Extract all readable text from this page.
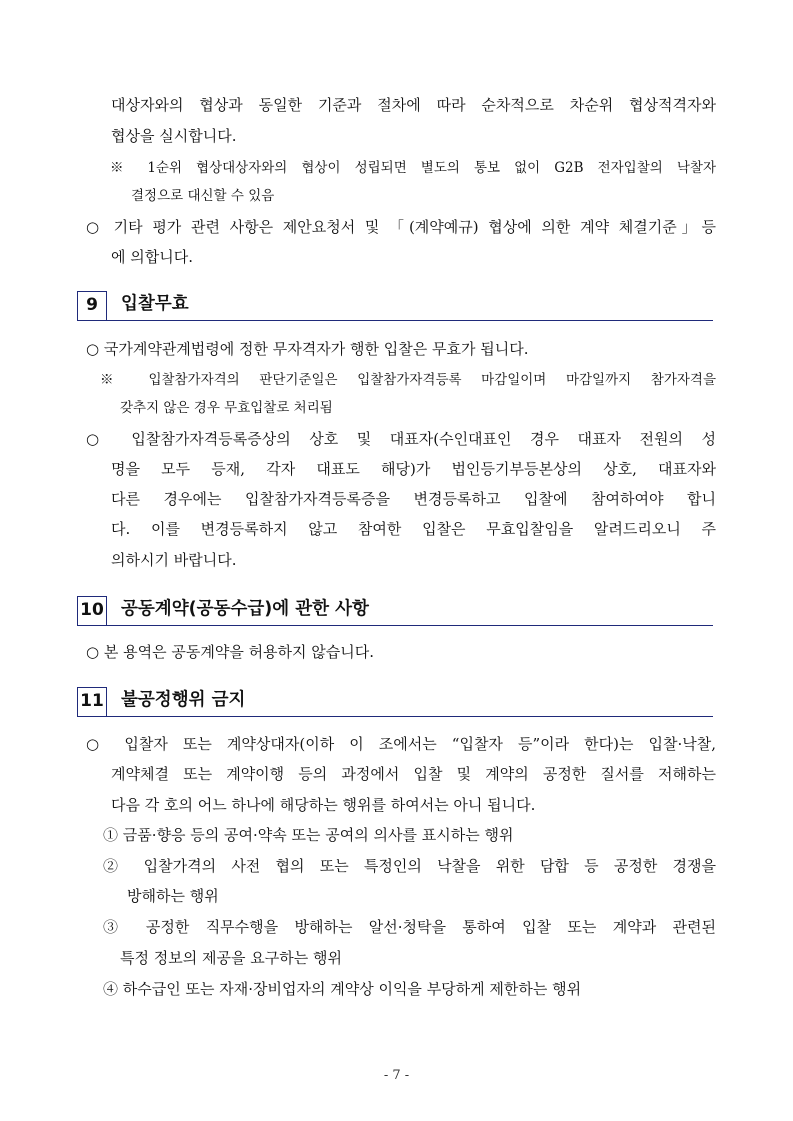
대상자와의 협상과 동일한 기준과 절차에 따라 순차적으로 차순위 협상적격자와
협상을 실시합니다.
※ 1순위 협상대상자와의 협상이 성립되면 별도의 통보 없이 G2B 전자입찰의 낙찰자
결정으로 대신할 수 있음
○ 기타 평가 관련 사항은 제안요청서 및 「(계약예규) 협상에 의한 계약 체결기준」등
에 의합니다.
9	입찰무효
○ 국가계약관계법령에 정한 무자격자가 행한 입찰은 무효가 됩니다.
※ 입찰참가자격의 판단기준일은 입찰참가자격등록 마감일이며 마감일까지 참가자격을
갖추지 않은 경우 무효입찰로 처리됨
○ 입찰참가자격등록증상의 상호 및 대표자(수인대표인 경우 대표자 전원의 성
명을 모두 등재, 각자 대표도 해당)가 법인등기부등본상의 상호, 대표자와
다른 경우에는 입찰참가자격등록증을 변경등록하고 입찰에 참여하여야 합니
다. 이를 변경등록하지 않고 참여한 입찰은 무효입찰임을 알려드리오니 주
의하시기 바랍니다.
10 공동계약(공동수급)에 관한 사항
○ 본 용역은 공동계약을 허용하지 않습니다.
11 불공정행위 금지
○ 입찰자 또는 계약상대자(이하 이 조에서는 “입찰자 등”이라 한다)는 입찰·낙찰,
계약체결 또는 계약이행 등의 과정에서 입찰 및 계약의 공정한 질서를 저해하는
다음 각 호의 어느 하나에 해당하는 행위를 하여서는 아니 됩니다.
① 금품·향응 등의 공여·약속 또는 공여의 의사를 표시하는 행위
② 입찰가격의 사전 협의 또는 특정인의 낙찰을 위한 담합 등 공정한 경쟁을
방해하는 행위
③ 공정한 직무수행을 방해하는 알선·청탁을 통하여 입찰 또는 계약과 관련된
특정 정보의 제공을 요구하는 행위
④ 하수급인 또는 자재·장비업자의 계약상 이익을 부당하게 제한하는 행위
- 7 -
